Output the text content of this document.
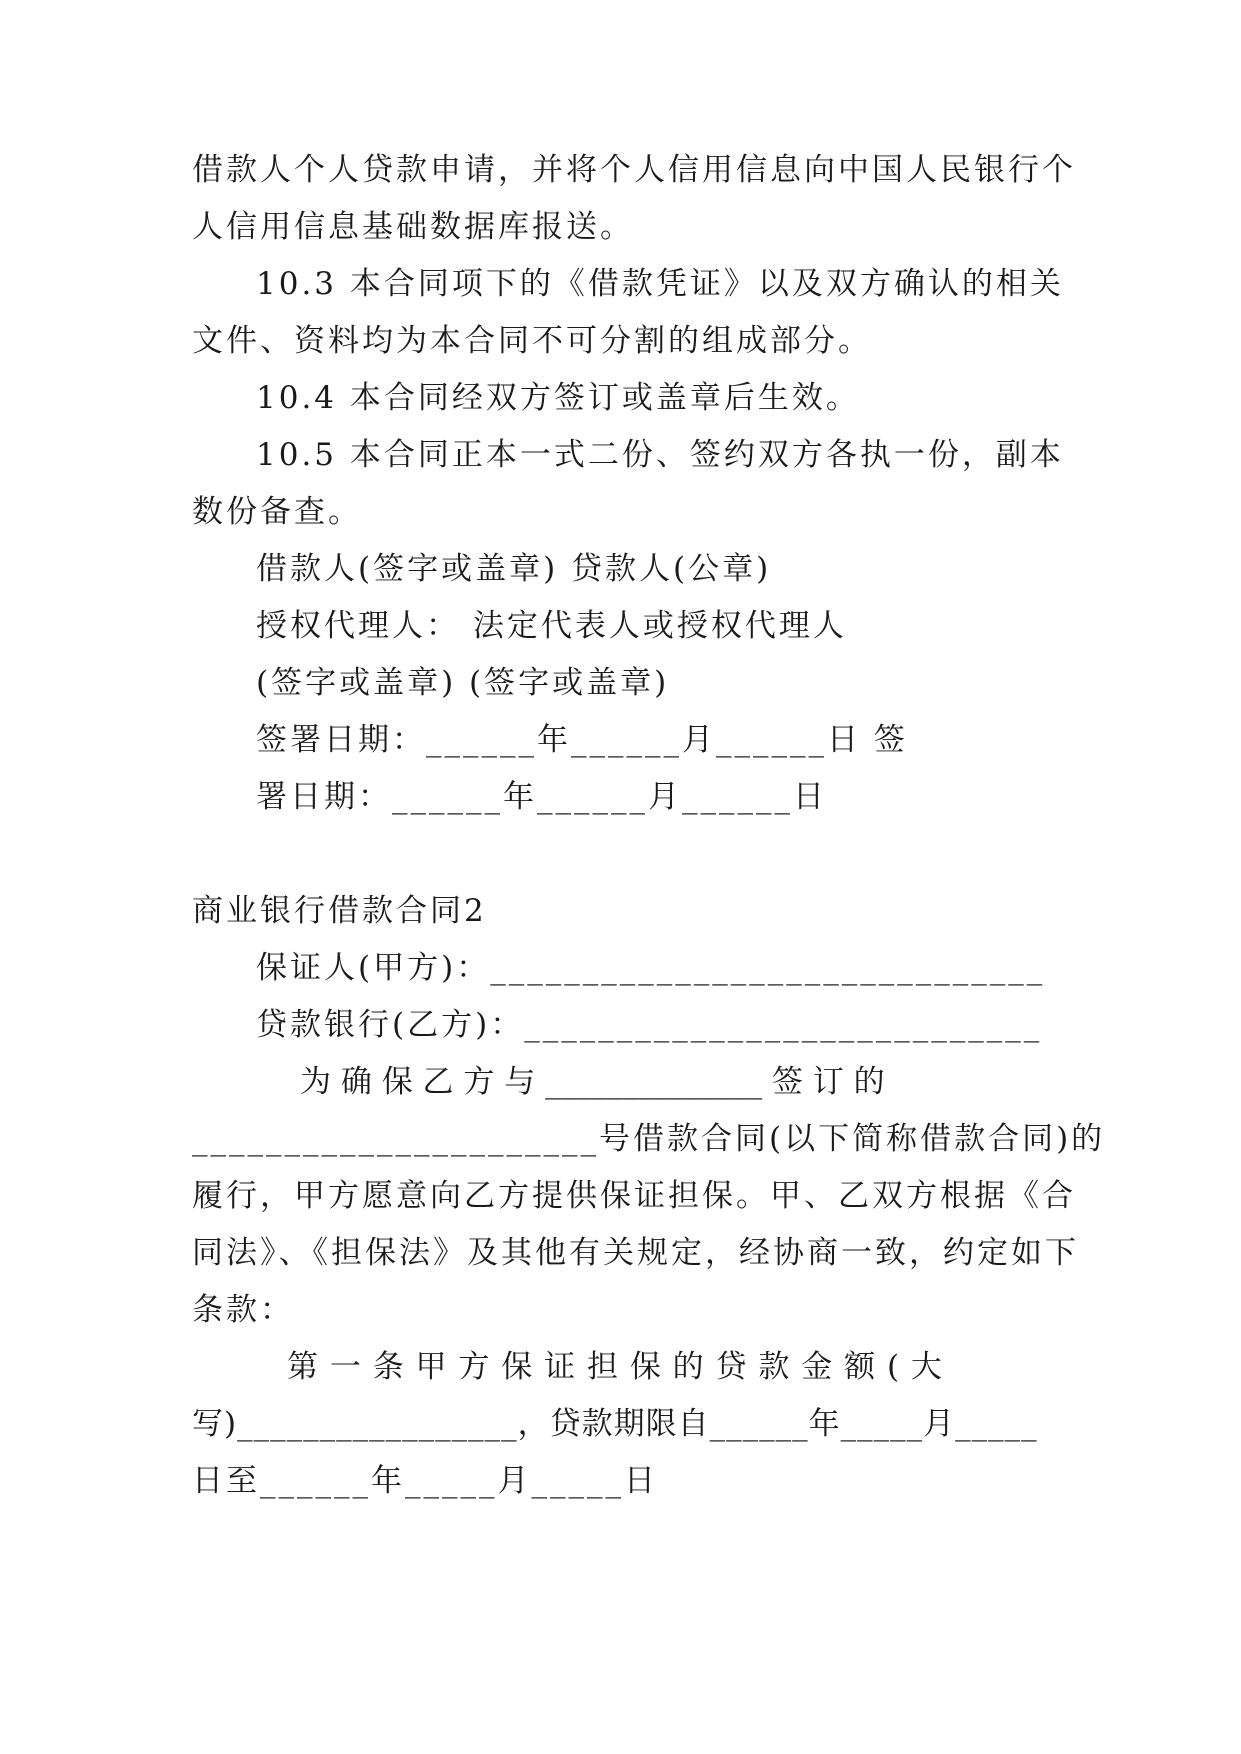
借款人个人贷款申请，并将个人信用信息向中国人民银行个
人信用信息基础数据库报送。
10.3 本合同项下的《借款凭证》以及双方确认的相关
文件、资料均为本合同不可分割的组成部分。
10.4 本合同经双方签订或盖章后生效。
10.5 本合同正本一式二份、签约双方各执一份，副本
数份备查。
借款人(签字或盖章) 贷款人(公章)
授权代理人： 法定代表人或授权代理人
(签字或盖章) (签字或盖章)
签署日期：______年______月______日 签
署日期：______年______月______日
商业银行借款合同2
保证人(甲方)：______________________________
贷款银行(乙方)：____________________________
为 确 保 乙 方 与 ______________ 签 订 的
______________________号借款合同(以下简称借款合同)的
履行，甲方愿意向乙方提供保证担保。甲、乙双方根据《合
同法》、《担保法》及其他有关规定，经协商一致，约定如下
条款：
第 一 条 甲 方 保 证 担 保 的 贷 款 金 额 ( 大
写)_________________，贷款期限自______年_____月_____
日至______年_____月_____日
